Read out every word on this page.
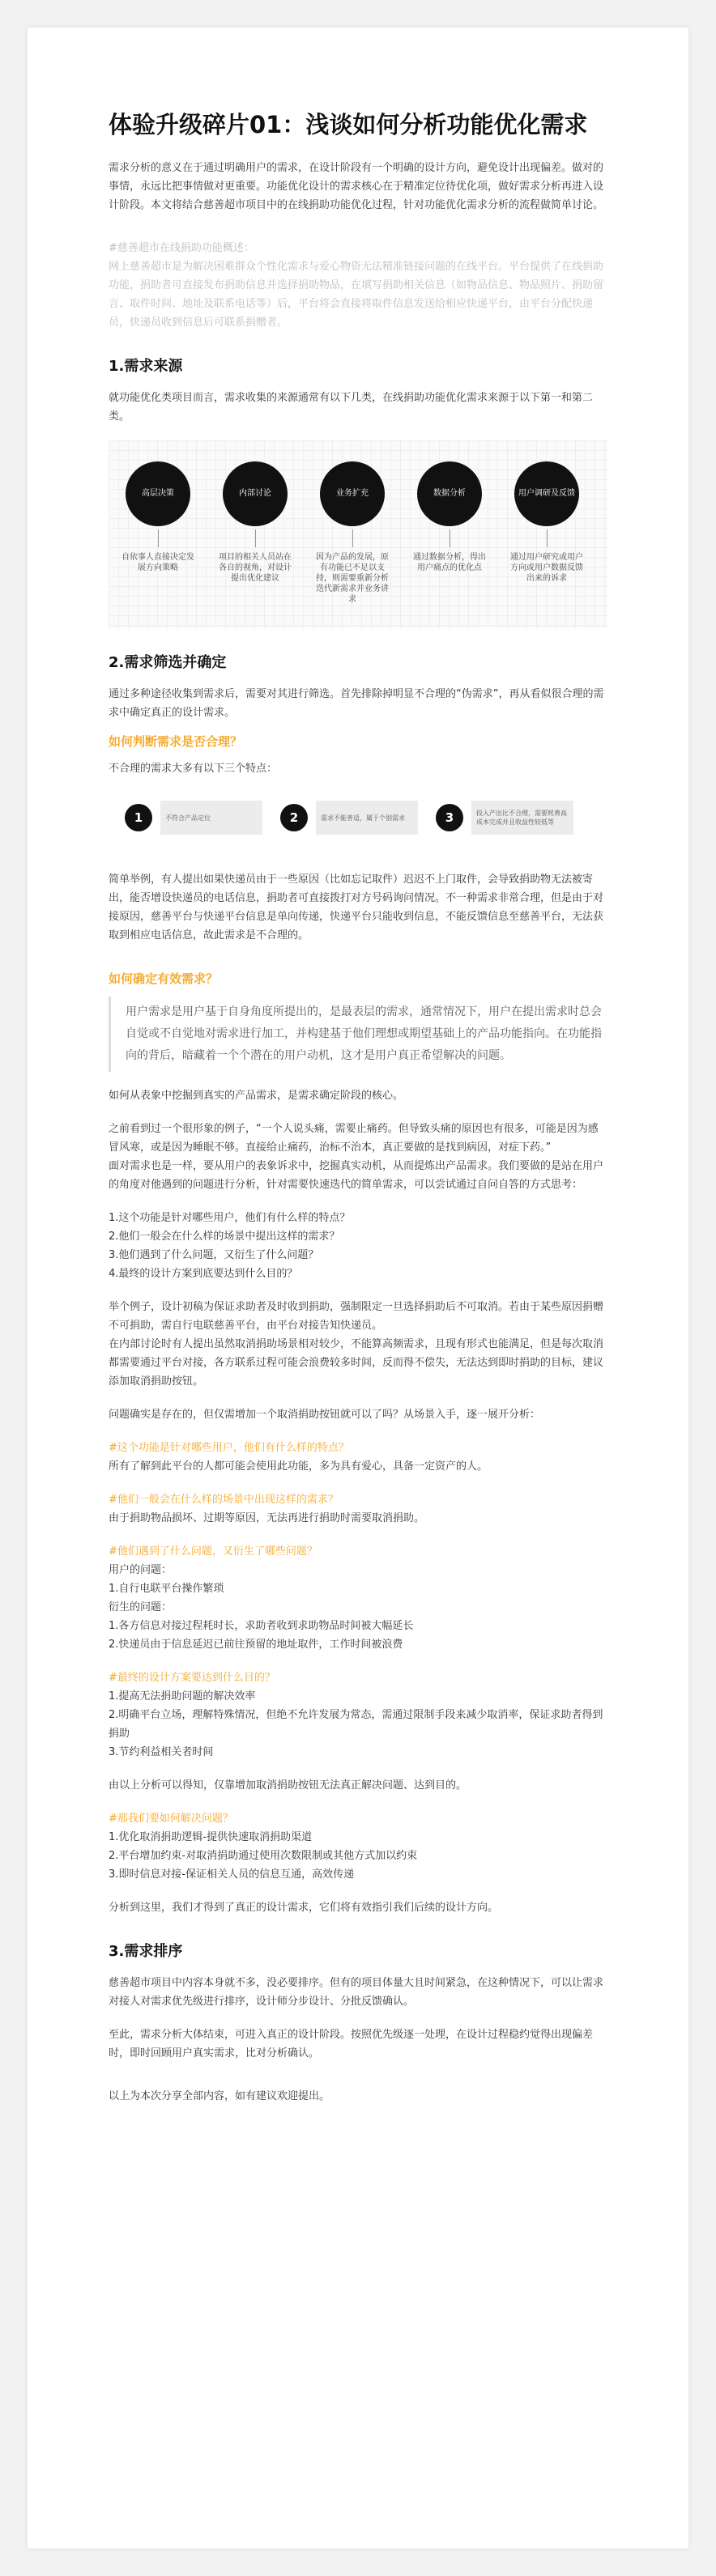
体验升级碎片01：浅谈如何分析功能优化需求

需求分析的意义在于通过明确用户的需求，在设计阶段有一个明确的设计方向，避免设计出现偏差。做对的事情，永远比把事情做对更重要。功能优化设计的需求核心在于精准定位待优化项，做好需求分析再进入设计阶段。本文将结合慈善超市项目中的在线捐助功能优化过程，针对功能优化需求分析的流程做简单讨论。

#慈善超市在线捐助功能概述：

网上慈善超市是为解决困难群众个性化需求与爱心物资无法精准链接问题的在线平台。平台提供了在线捐助功能，捐助者可直接发布捐助信息并选择捐助物品，在填写捐助相关信息（如物品信息、物品照片、捐助留言、取件时间、地址及联系电话等）后，平台将会直接将取件信息发送给相应快递平台，由平台分配快递员，快递员收到信息后可联系捐赠者。

1.需求来源

就功能优化类项目而言，需求收集的来源通常有以下几类，在线捐助功能优化需求来源于以下第一和第二类。

高层决策	内部讨论	业务扩充	数据分析	用户调研及反馈
自依事人直接决定发展方向策略
项目的相关人员站在各自的视角，对设计提出优化建议
因为产品的发展，原有功能已不足以支持，则需要重新分析迭代新需求并业务讲求
通过数据分析，得出用户痛点的优化点
通过用户研究或用户方向或用户数据反馈出来的诉求
2.需求筛选并确定

通过多种途径收集到需求后，需要对其进行筛选。首先排除掉明显不合理的“伪需求”，再从看似很合理的需求中确定真正的设计需求。

如何判断需求是否合理？

不合理的需求大多有以下三个特点：

1	不符合产品定位	2	需求不能普适，属于个别需求	3	投入产出比不合理，需要耗费高成本完成并且收益性较低等

简单举例，有人提出如果快递员由于一些原因（比如忘记取件）迟迟不上门取件，会导致捐助物无法被寄出，能否增设快递员的电话信息，捐助者可直接拨打对方号码询问情况。不一种需求非常合理，但是由于对接原因，慈善平台与快递平台信息是单向传递，快递平台只能收到信息，不能反馈信息至慈善平台，无法获取到相应电话信息，故此需求是不合理的。

如何确定有效需求？

用户需求是用户基于自身角度所提出的，是最表层的需求，通常情况下，用户在提出需求时总会自觉或不自觉地对需求进行加工，并构建基于他们理想或期望基础上的产品功能指向。在功能指向的背后，暗藏着一个个潜在的用户动机，这才是用户真正希望解决的问题。

如何从表象中挖掘到真实的产品需求，是需求确定阶段的核心。

之前看到过一个很形象的例子，“一个人说头痛，需要止痛药。但导致头痛的原因也有很多，可能是因为感冒风寒，或是因为睡眠不够。直接给止痛药，治标不治本，真正要做的是找到病因，对症下药。”

面对需求也是一样，要从用户的表象诉求中，挖掘真实动机，从而提炼出产品需求。我们要做的是站在用户的角度对他遇到的问题进行分析，针对需要快速迭代的简单需求，可以尝试通过自问自答的方式思考：

1.这个功能是针对哪些用户，他们有什么样的特点？

2.他们一般会在什么样的场景中提出这样的需求？

3.他们遇到了什么问题，又衍生了什么问题？

4.最终的设计方案到底要达到什么目的？

举个例子，设计初稿为保证求助者及时收到捐助，强制限定一旦选择捐助后不可取消。若由于某些原因捐赠不可捐助，需自行电联慈善平台，由平台对接告知快递员。

在内部讨论时有人提出虽然取消捐助场景相对较少，不能算高频需求，且现有形式也能满足，但是每次取消都需要通过平台对接，各方联系过程可能会浪费较多时间，反而得不偿失，无法达到即时捐助的目标，建议添加取消捐助按钮。

问题确实是存在的，但仅需增加一个取消捐助按钮就可以了吗？从场景入手，逐一展开分析：

#这个功能是针对哪些用户，他们有什么样的特点？

所有了解到此平台的人都可能会使用此功能，多为具有爱心，具备一定资产的人。

#他们一般会在什么样的场景中出现这样的需求？

由于捐助物品损坏、过期等原因，无法再进行捐助时需要取消捐助。

#他们遇到了什么问题，又衍生了哪些问题？

用户的问题：

1.自行电联平台操作繁琐

衍生的问题：

1.各方信息对接过程耗时长，求助者收到求助物品时间被大幅延长

2.快递员由于信息延迟已前往预留的地址取件，工作时间被浪费

#最终的设计方案要达到什么目的？

1.提高无法捐助问题的解决效率

2.明确平台立场，理解特殊情况，但绝不允许发展为常态，需通过限制手段来减少取消率，保证求助者得到捐助

3.节约利益相关者时间

由以上分析可以得知，仅靠增加取消捐助按钮无法真正解决问题、达到目的。

#那我们要如何解决问题？

1.优化取消捐助逻辑-提供快速取消捐助渠道

2.平台增加约束-对取消捐助通过使用次数限制或其他方式加以约束

3.即时信息对接-保证相关人员的信息互通，高效传递

分析到这里，我们才得到了真正的设计需求，它们将有效指引我们后续的设计方向。

3.需求排序

慈善超市项目中内容本身就不多，没必要排序。但有的项目体量大且时间紧急，在这种情况下，可以让需求对接人对需求优先级进行排序，设计师分步设计、分批反馈确认。

至此，需求分析大体结束，可进入真正的设计阶段。按照优先级逐一处理，在设计过程稳约觉得出现偏差时，即时回顾用户真实需求，比对分析确认。

以上为本次分享全部内容，如有建议欢迎提出。
